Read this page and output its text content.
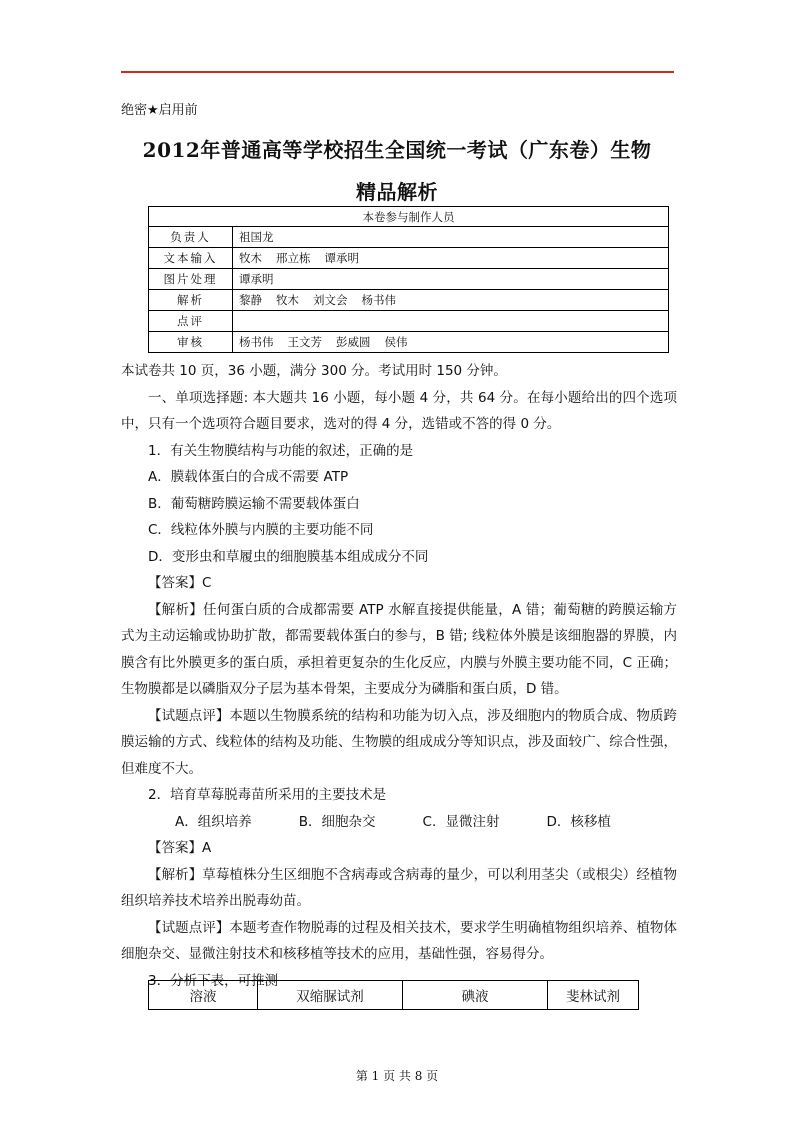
绝密★启用前
2012年普通高等学校招生全国统一考试（广东卷）生物
精品解析
本卷参与制作人员	
负责人	祖国龙
文本输入	牧木 邢立栋 谭承明
图片处理	谭承明
解析	黎静 牧木 刘文会 杨书伟
点评	
审核	杨书伟 王文芳 彭威圆 侯伟

本试卷共 10 页，36 小题，满分 300 分。考试用时 150 分钟。

一、单项选择题: 本大题共 16 小题，每小题 4 分，共 64 分。在每小题给出的四个选项中，只有一个选项符合题目要求，选对的得 4 分，选错或不答的得 0 分。

1．有关生物膜结构与功能的叙述，正确的是

A．膜载体蛋白的合成不需要 ATP

B．葡萄糖跨膜运输不需要载体蛋白

C．线粒体外膜与内膜的主要功能不同

D．变形虫和草履虫的细胞膜基本组成成分不同

【答案】C

【解析】任何蛋白质的合成都需要 ATP 水解直接提供能量，A 错；葡萄糖的跨膜运输方式为主动运输或协助扩散，都需要载体蛋白的参与，B 错; 线粒体外膜是该细胞器的界膜，内膜含有比外膜更多的蛋白质，承担着更复杂的生化反应，内膜与外膜主要功能不同，C 正确；生物膜都是以磷脂双分子层为基本骨架，主要成分为磷脂和蛋白质，D 错。

【试题点评】本题以生物膜系统的结构和功能为切入点，涉及细胞内的物质合成、物质跨膜运输的方式、线粒体的结构及功能、生物膜的组成成分等知识点，涉及面较广、综合性强，但难度不大。

2．培育草莓脱毒苗所采用的主要技术是

A．组织培养	B．细胞杂交	C．显微注射	D．核移植

【答案】A

【解析】草莓植株分生区细胞不含病毒或含病毒的量少，可以利用茎尖（或根尖）经植物组织培养技术培养出脱毒幼苗。

【试题点评】本题考查作物脱毒的过程及相关技术，要求学生明确植物组织培养、植物体细胞杂交、显微注射技术和核移植等技术的应用，基础性强，容易得分。

3．分析下表，可推测

溶液	双缩脲试剂	碘液	斐林试剂
第 1 页 共 8 页
